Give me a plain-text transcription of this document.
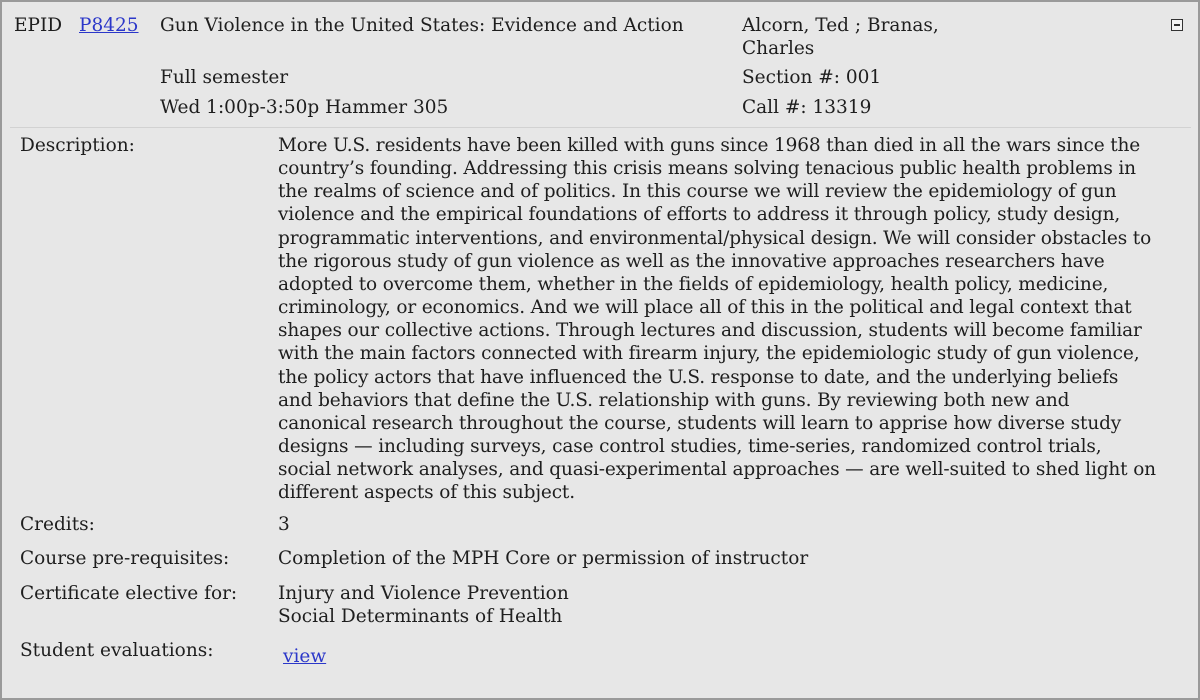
EPID P8425 Gun Violence in the United States: Evidence and Action	Alcorn, Ted ; Branas,
Charles
Full semester	Section #: 001
Wed 1:00p-3:50p Hammer 305	Call #: 13319
Description:	More U.S. residents have been killed with guns since 1968 than died in all the wars since the country’s founding. Addressing this crisis means solving tenacious public health problems in the realms of science and of politics. In this course we will review the epidemiology of gun violence and the empirical foundations of efforts to address it through policy, study design, programmatic interventions, and environmental/physical design. We will consider obstacles to the rigorous study of gun violence as well as the innovative approaches researchers have adopted to overcome them, whether in the fields of epidemiology, health policy, medicine, criminology, or economics. And we will place all of this in the political and legal context that shapes our collective actions. Through lectures and discussion, students will become familiar with the main factors connected with firearm injury, the epidemiologic study of gun violence, the policy actors that have influenced the U.S. response to date, and the underlying beliefs and behaviors that define the U.S. relationship with guns. By reviewing both new and canonical research throughout the course, students will learn to apprise how diverse study designs — including surveys, case control studies, time-series, randomized control trials, social network analyses, and quasi-experimental approaches — are well-suited to shed light on different aspects of this subject.
Credits:	3
Course pre-requisites:	Completion of the MPH Core or permission of instructor
Certificate elective for: Injury and Violence Prevention
Social Determinants of Health
Student evaluations:	view
